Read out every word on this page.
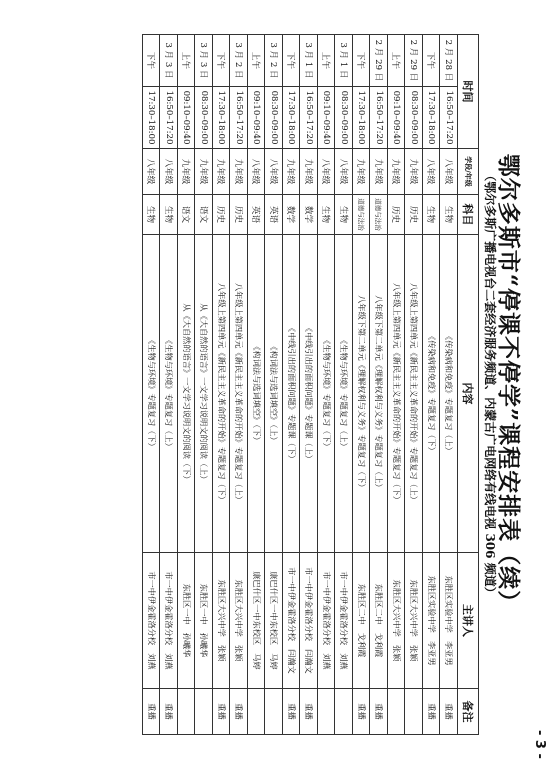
- 3 -
鄂尔多斯市“停课不停学”课程安排表（续）
（鄂尔多斯广播电视台二套经济服务频道、内蒙古广电网络有线电视 306 频道）
时间		学段/年级	科目	内容	主讲人	备注
2 月 28 日	16:50–17:20	八年级	生物	《传染病和免疫》专题复习（上）	东胜区实验中学　李亚男	重播
下午	17:30–18:00	八年级	生物	《传染病和免疫》专题复习（下）	东胜区实验中学　李亚男	重播
2 月 29 日	08:30–09:00	九年级	历史	八年级上第四单元《新民主主义革命的开始》专题复习（上）	东胜区大兴中学　张颖	
上午	09:10–09:40	九年级	历史	八年级上第四单元《新民主主义革命的开始》专题复习（下）	东胜区大兴中学　张颖	
2 月 29 日	16:50–17:20	九年级	道德与法治	八年级下第二单元《理解权利与义务》专题复习（上）	东胜区二中　戈利霞	重播
下午	17:30–18:00	九年级	道德与法治	八年级下第二单元《理解权利与义务》专题复习（下）	东胜区二中　戈利霞	重播
3 月 1 日	08:30–09:00	八年级	生物	《生物与环境》专题复习（上）	市一中伊金霍洛分校　刘燕	
上午	09:10–09:40	八年级	生物	《生物与环境》专题复习（下）	市一中伊金霍洛分校　刘燕	
3 月 1 日	16:50–17:20	九年级	数学	《中线引出的面积问题》专题课（上）	市一中伊金霍洛分校　闫瀚文	重播
下午	17:30–18:00	九年级	数学	《中线引出的面积问题》专题课（下）	市一中伊金霍洛分校　闫瀚文	重播
3 月 2 日	08:30–09:00	八年级	英语	《构词法与选词填空》（上）	康巴什区一中东校区　马婷	
上午	09:10–09:40	八年级	英语	《构词法与选词填空》（下）	康巴什区一中东校区　马婷	
3 月 2 日	16:50–17:20	九年级	历史	八年级上第四单元《新民主主义革命的开始》专题复习（上）	东胜区大兴中学　张颖	重播
下午	17:30–18:00	九年级	历史	八年级上第四单元《新民主主义革命的开始》专题复习（下）	东胜区大兴中学　张颖	重播
3 月 3 日	08:30–09:00	九年级	语文	从《大自然的语言》一文学习说明文的阅读（上）	东胜区一中　孙曦华	
上午	09:10–09:40	九年级	语文	从《大自然的语言》一文学习说明文的阅读（下）	东胜区一中　孙曦华	
3 月 3 日	16:50–17:20	八年级	生物	《生物与环境》专题复习（上）	市一中伊金霍洛分校　刘燕	重播
下午	17:30–18:00	八年级	生物	《生物与环境》专题复习（下）	市一中伊金霍洛分校　刘燕	重播
